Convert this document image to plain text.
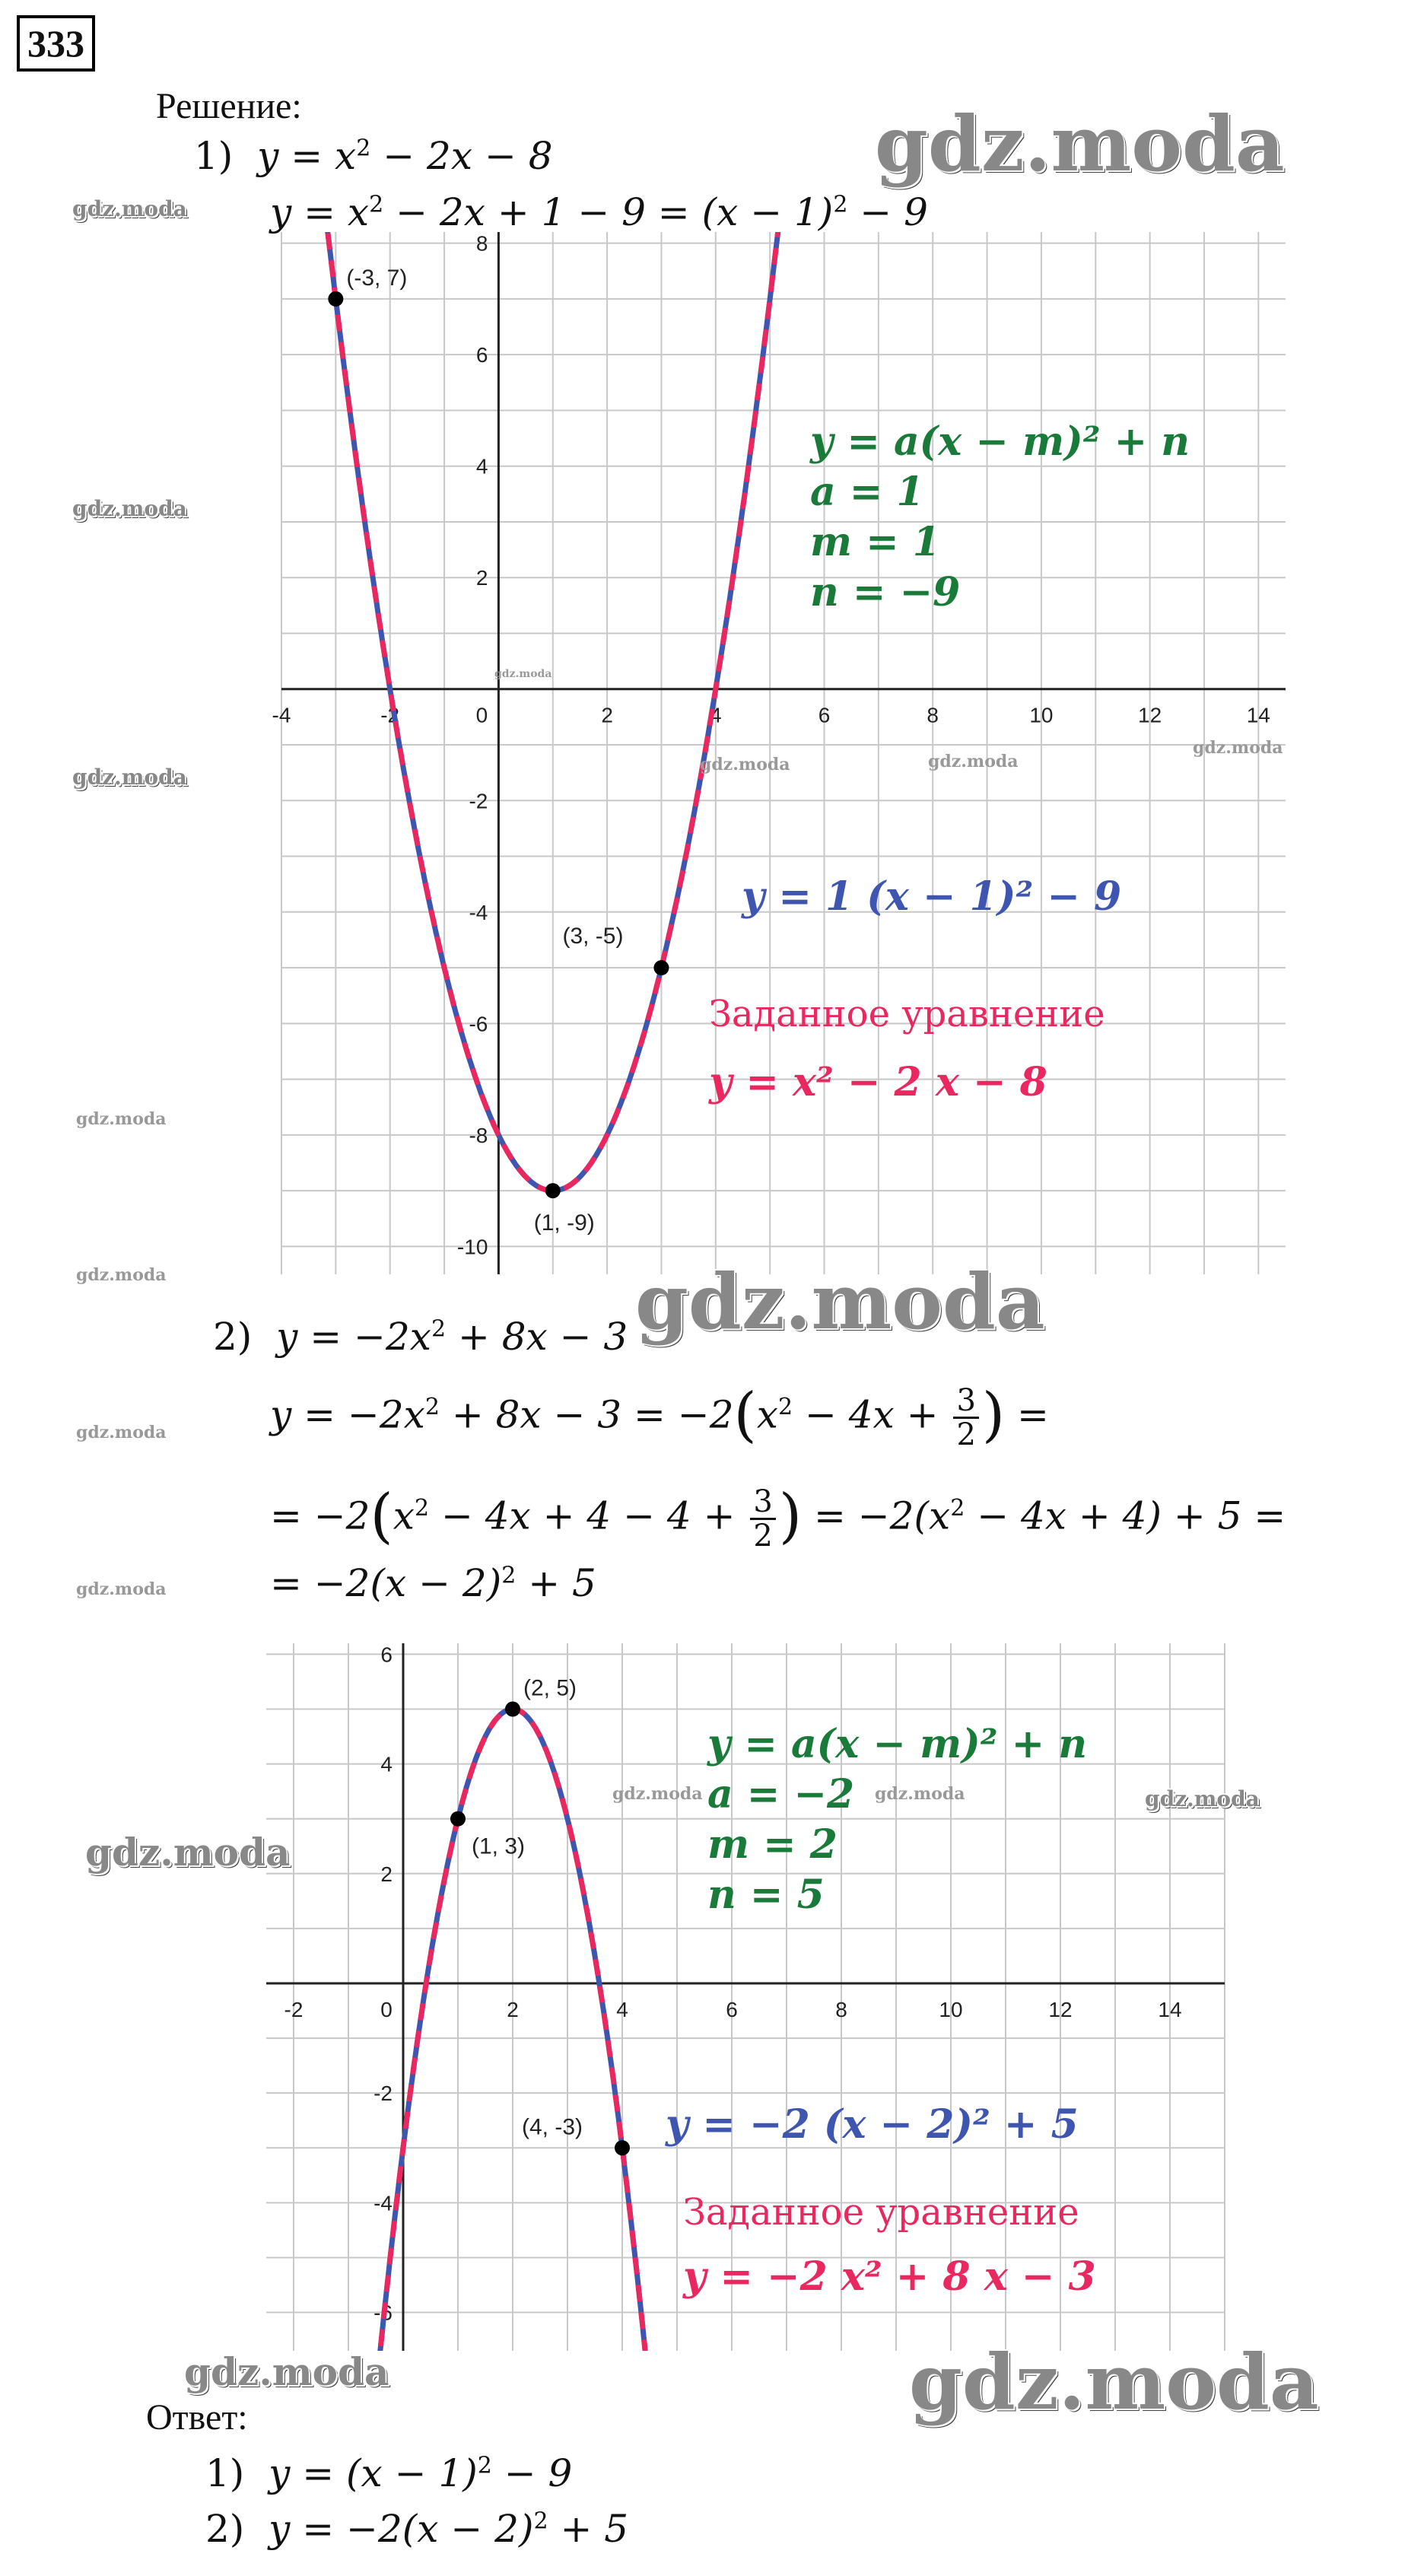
333
Решение:
1) $y = x^2 - 2x - 8$
$y = x^2 - 2x + 1 - 9 = (x - 1)^2 - 9$
-4	-2	0	2	4	6	8	10	12	14
8
6
4
2
-2
-4
-6
-8
-10
(-3, 7)
(3, -5)
(1, -9)
y = a(x − m)² + n
a = 1
m = 1
n = −9
y = 1 (x − 1)² − 9
Заданное уравнение
y = x² − 2 x − 8
2) $y = -2x^2 + 8x - 3$
$y = -2x^2 + 8x - 3 = -2(x^2 - 4x + \frac{3}{2}$ ) =
= $-2(x^2 - 4x + 4 - 4 + \frac{3}{2}$ ) = $-2(x^2 - 4x + 4) + 5$ =
= $-2(x - 2)^2 + 5$
-2	0	2	4	6	8	10	12	14
6
4
2
-2
-4
-6
(2, 5)
(1, 3)
(4, -3)
y = a(x − m)² + n
a = −2
m = 2
n = 5
y = −2 (x − 2)² + 5
Заданное уравнение
y = −2 x² + 8 x − 3
Ответ:
1) $y = (x - 1)^2 - 9$
2) $y = -2(x - 2)^2 + 5$
gdz.moda
gdz.moda
gdz.moda
gdz.moda
gdz.moda
gdz.moda
gdz.moda
gdz.moda
gdz.moda
gdz.moda	gdz.moda
gdz.moda
gdz.moda
gdz.moda	gdz.moda
gdz.moda
gdz.moda
gdz.moda	gdz.moda
